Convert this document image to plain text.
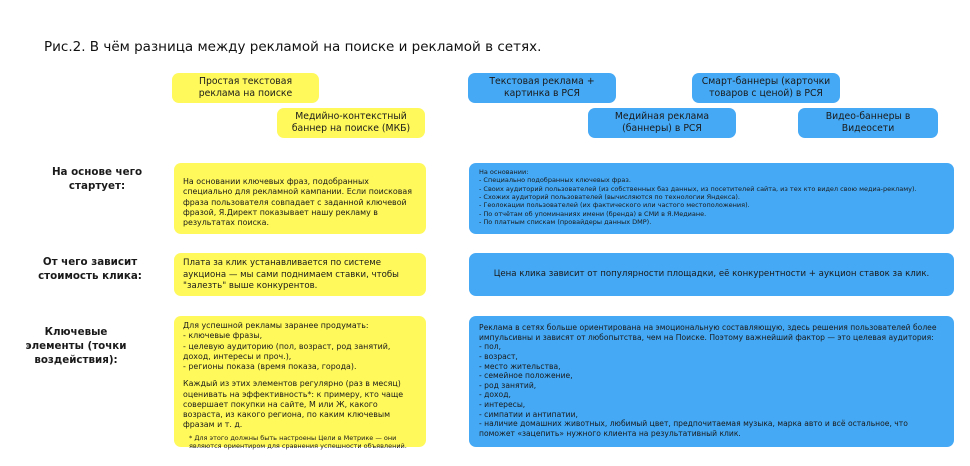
Рис.2. В чём разница между рекламой на поиске и рекламой в сетях.
Простая текстовая реклама на поиске
Медийно-контекстный баннер на поиске (МКБ)
Текстовая реклама + картинка в РСЯ
Смарт-баннеры (карточки товаров с ценой) в РСЯ
Медийная реклама (баннеры) в РСЯ
Видео-баннеры в Видеосети
На основе чего стартует:	На основании ключевых фраз, подобранных специально для рекламной кампании. Если поисковая фраза пользователя совпадает с заданной ключевой фразой, Я.Директ показывает нашу рекламу в результатах поиска.
На основании:
- Специально подобранных ключевых фраз.
- Своих аудиторий пользователей (из собственных баз данных, из посетителей сайта, из тех кто видел свою медиа-рекламу).
- Схожих аудиторий пользователей (вычисляются по технологии Яндекса).
- Геолокации пользователей (их фактического или частого местоположения).
- По отчётам об упоминаниях имени (бренда) в СМИ в Я.Медиане.
- По платным спискам (провайдеры данных DMP).
От чего зависит стоимость клика:
Плата за клик устанавливается по системе аукциона — мы сами поднимаем ставки, чтобы "залезть" выше конкурентов.
Цена клика зависит от популярности площадки, её конкурентности + аукцион ставок за клик.
Ключевые элементы (точки воздействия):
Для успешной рекламы заранее продумать:
- ключевые фразы,
- целевую аудиторию (пол, возраст, род занятий, доход, интересы и проч.),
- регионы показа (время показа, города).
Каждый из этих элементов регулярно (раз в месяц) оценивать на эффективность*: к примеру, кто чаще совершает покупки на сайте, М или Ж, какого возраста, из какого региона, по каким ключевым фразам и т. д.
* Для этого должны быть настроены Цели в Метрике — они являются ориентиром для сравнения успешности объявлений.
Реклама в сетях больше ориентирована на эмоциональную составляющую, здесь решения пользователей более импульсивны и зависят от любопытства, чем на Поиске. Поэтому важнейший фактор — это целевая аудитория:
- пол,
- возраст,
- место жительства,
- семейное положение,
- род занятий,
- доход,
- интересы,
- симпатии и антипатии,
- наличие домашних животных, любимый цвет, предпочитаемая музыка, марка авто и всё остальное, что поможет «зацепить» нужного клиента на результативный клик.
